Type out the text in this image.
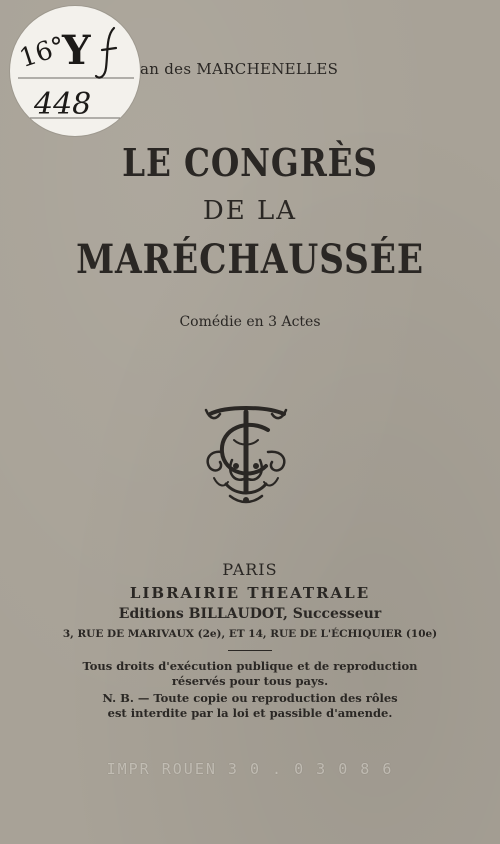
16°
Y
448
an des MARCHENELLES
LE CONGRÈS
DE LA
MARÉCHAUSSÉE
Comédie en 3 Actes
PARIS
LIBRAIRIE THEATRALE
Editions BILLAUDOT, Successeur
3, RUE DE MARIVAUX (2e), ET 14, RUE DE L'ÉCHIQUIER (10e)
Tous droits d'exécution publique et de reproduction
réservés pour tous pays.
N. B. — Toute copie ou reproduction des rôles
est interdite par la loi et passible d'amende.
IMPR ROUEN 3 0 . 0 3 0 8 6
